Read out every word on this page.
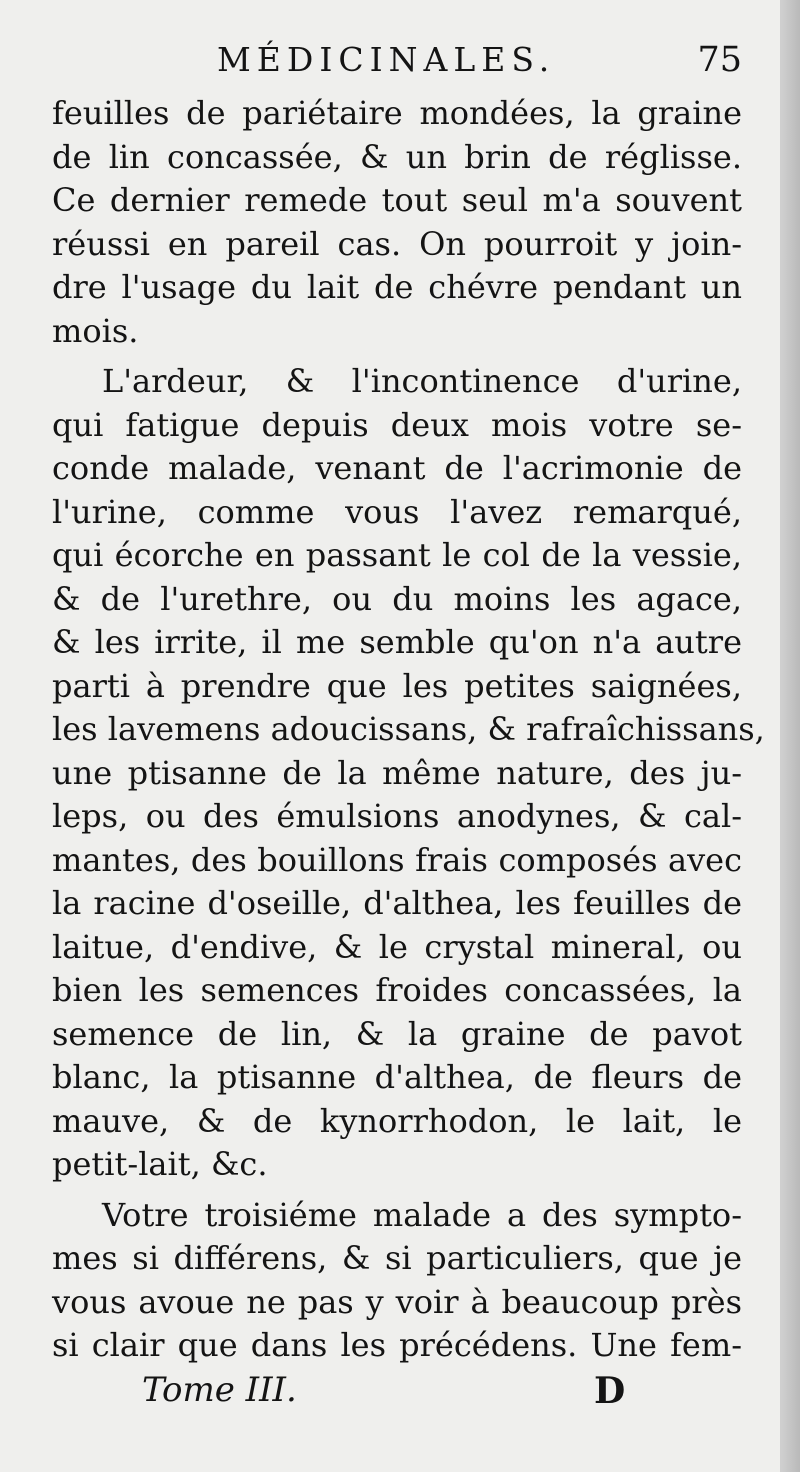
MÉDICINALES.	75
feuilles de pariétaire mondées, la graine
de lin concassée, & un brin de réglisse.
Ce dernier remede tout seul m'a souvent
réussi en pareil cas. On pourroit y join-
dre l'usage du lait de chévre pendant un
mois.
L'ardeur, & l'incontinence d'urine,
qui fatigue depuis deux mois votre se-
conde malade, venant de l'acrimonie de
l'urine, comme vous l'avez remarqué,
qui écorche en passant le col de la vessie,
& de l'urethre, ou du moins les agace,
& les irrite, il me semble qu'on n'a autre
parti à prendre que les petites saignées,
les lavemens adoucissans, & rafraîchissans,
une ptisanne de la même nature, des ju-
leps, ou des émulsions anodynes, & cal-
mantes, des bouillons frais composés avec
la racine d'oseille, d'althea, les feuilles de
laitue, d'endive, & le crystal mineral, ou
bien les semences froides concassées, la
semence de lin, & la graine de pavot
blanc, la ptisanne d'althea, de fleurs de
mauve, & de kynorrhodon, le lait, le
petit-lait, &c.
Votre troisiéme malade a des sympto-
mes si différens, & si particuliers, que je
vous avoue ne pas y voir à beaucoup près
si clair que dans les précédens. Une fem-
Tome III.	D
